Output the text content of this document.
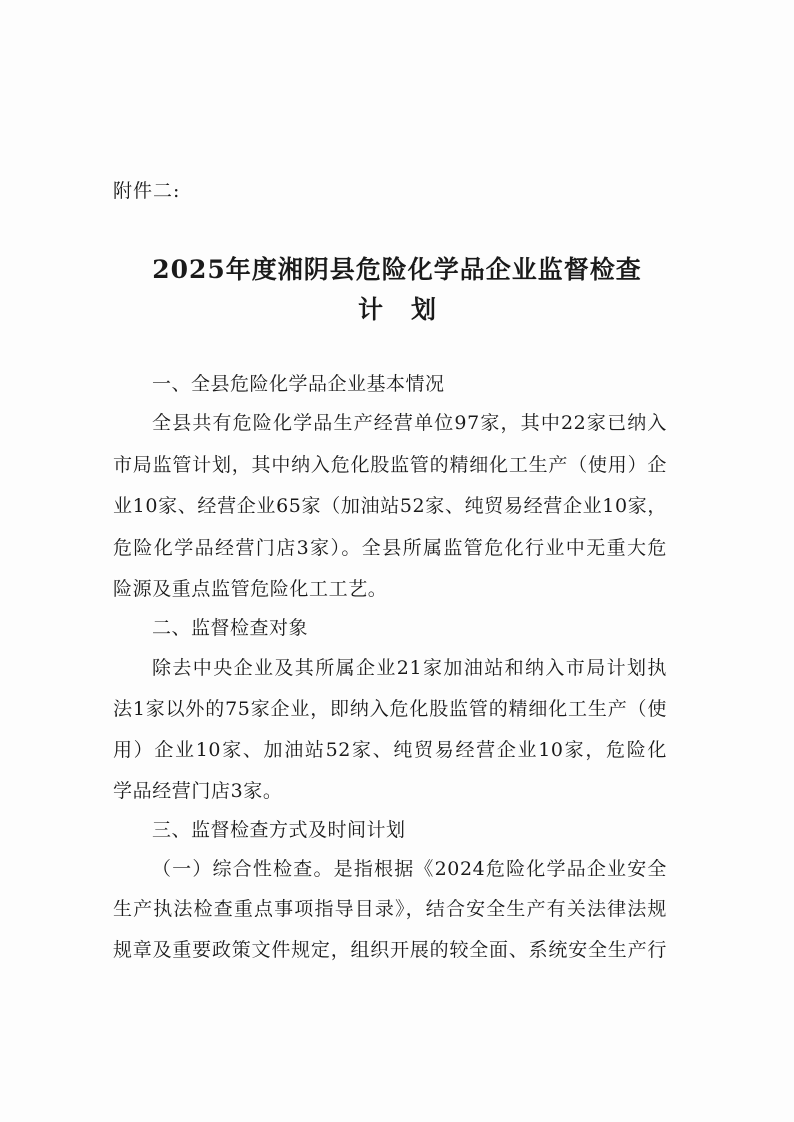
附件二:
2025年度湘阴县危险化学品企业监督检查
计划
一、全县危险化学品企业基本情况
全县共有危险化学品生产经营单位97家，其中22家已纳入
市局监管计划，其中纳入危化股监管的精细化工生产（使用）企
业10家、经营企业65家（加油站52家、纯贸易经营企业10家，
危险化学品经营门店3家）。全县所属监管危化行业中无重大危
险源及重点监管危险化工工艺。
二、监督检查对象
除去中央企业及其所属企业21家加油站和纳入市局计划执
法1家以外的75家企业，即纳入危化股监管的精细化工生产（使
用）企业10家、加油站52家、纯贸易经营企业10家，危险化
学品经营门店3家。
三、监督检查方式及时间计划
（一）综合性检查。是指根据《2024危险化学品企业安全
生产执法检查重点事项指导目录》，结合安全生产有关法律法规
规章及重要政策文件规定，组织开展的较全面、系统安全生产行
